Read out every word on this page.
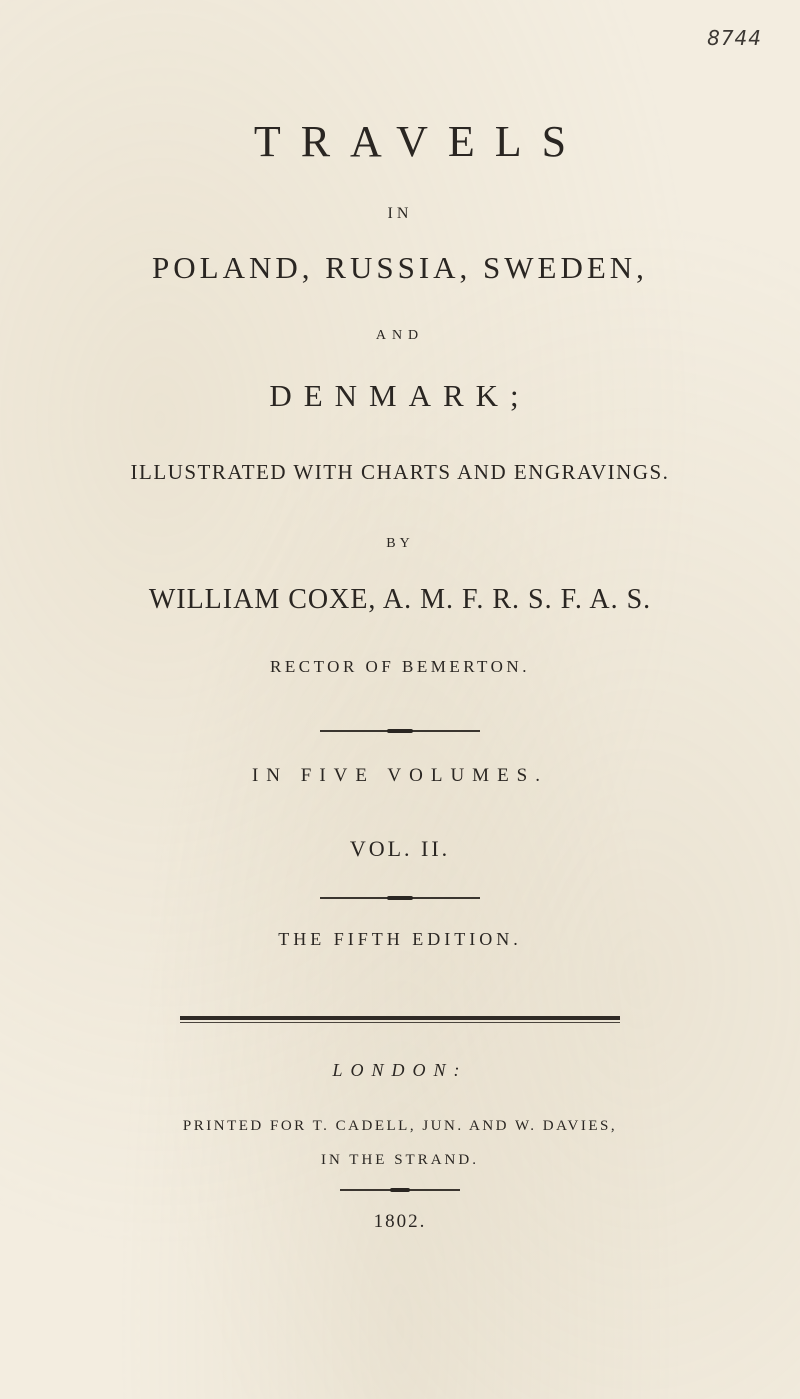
8744
TRAVELS
IN
POLAND, RUSSIA, SWEDEN,
AND
DENMARK;
ILLUSTRATED WITH CHARTS AND ENGRAVINGS.
BY
WILLIAM COXE, A. M. F. R. S. F. A. S.
RECTOR OF BEMERTON.
IN FIVE VOLUMES.
VOL. II.
THE FIFTH EDITION.
LONDON:
PRINTED FOR T. CADELL, JUN. AND W. DAVIES,
IN THE STRAND.
1802.
